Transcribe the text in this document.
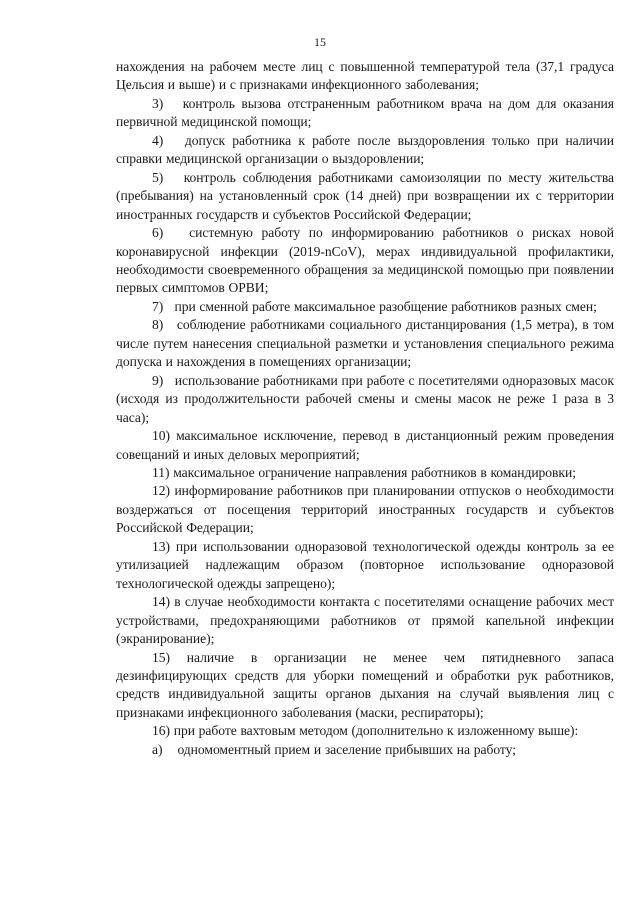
15

нахождения на рабочем месте лиц с повышенной температурой тела (37,1 градуса Цельсия и выше) и с признаками инфекционного заболевания;

3)   контроль вызова отстраненным работником врача на дом для оказания первичной медицинской помощи;

4)   допуск работника к работе после выздоровления только при наличии справки медицинской организации о выздоровлении;

5)   контроль соблюдения работниками самоизоляции по месту жительства (пребывания) на установленный срок (14 дней) при возвращении их с территории иностранных государств и субъектов Российской Федерации;

6)   системную работу по информированию работников о рисках новой коронавирусной инфекции (2019-nCoV), мерах индивидуальной профилактики, необходимости своевременного обращения за медицинской помощью при появлении первых симптомов ОРВИ;

7)   при сменной работе максимальное разобщение работников разных смен;

8)   соблюдение работниками социального дистанцирования (1,5 метра), в том числе путем нанесения специальной разметки и установления специального режима допуска и нахождения в помещениях организации;

9)   использование работниками при работе с посетителями одноразовых масок (исходя из продолжительности рабочей смены и смены масок не реже 1 раза в 3 часа);

10) максимальное исключение, перевод в дистанционный режим проведения совещаний и иных деловых мероприятий;

11) максимальное ограничение направления работников в командировки;

12) информирование работников при планировании отпусков о необходимости воздержаться от посещения территорий иностранных государств и субъектов Российской Федерации;

13) при использовании одноразовой технологической одежды контроль за ее утилизацией надлежащим образом (повторное использование одноразовой технологической одежды запрещено);

14) в случае необходимости контакта с посетителями оснащение рабочих мест устройствами, предохраняющими работников от прямой капельной инфекции (экранирование);

15) наличие в организации не менее чем пятидневного запаса дезинфицирующих средств для уборки помещений и обработки рук работников, средств индивидуальной защиты органов дыхания на случай выявления лиц с признаками инфекционного заболевания (маски, респираторы);

16) при работе вахтовым методом (дополнительно к изложенному выше):

а)    одномоментный прием и заселение прибывших на работу;
